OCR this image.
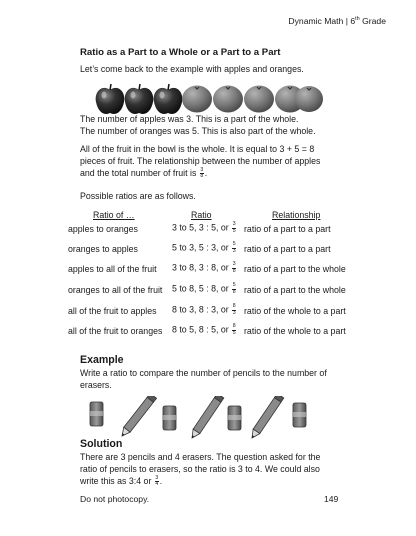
Dynamic Math | 6th Grade
Ratio as a Part to a Whole or a Part to a Part
Let’s come back to the example with apples and oranges.
The number of apples was 3. This is a part of the whole.
The number of oranges was 5. This is also part of the whole.
All of the fruit in the bowl is the whole. It is equal to 3 + 5 = 8
pieces of fruit. The relationship between the number of apples
and the total number of fruit is $\frac{3}{8}$ .
Possible ratios are as follows.
Ratio of …	Ratio	Relationship
apples to oranges	3 to 5, 3 : 5, or $\frac{3}{5}$ ratio of a part to a part
oranges to apples	5 to 3, 5 : 3, or $\frac{5}{3}$ ratio of a part to a part
apples to all of the fruit 3 to 8, 3 : 8, or $\frac{3}{8}$ ratio of a part to the whole
oranges to all of the fruit 5 to 8, 5 : 8, or $\frac{5}{8}$ ratio of a part to the whole
all of the fruit to apples 8 to 3, 8 : 3, or $\frac{8}{3}$ ratio of the whole to a part
all of the fruit to oranges 8 to 5, 8 : 5, or $\frac{8}{5}$ ratio of the whole to a part
Example
Write a ratio to compare the number of pencils to the number of
erasers.
Solution
There are 3 pencils and 4 erasers. The question asked for the
ratio of pencils to erasers, so the ratio is 3 to 4. We could also
write this as 3:4 or $\frac{3}{4}$ .
Do not photocopy.	149
